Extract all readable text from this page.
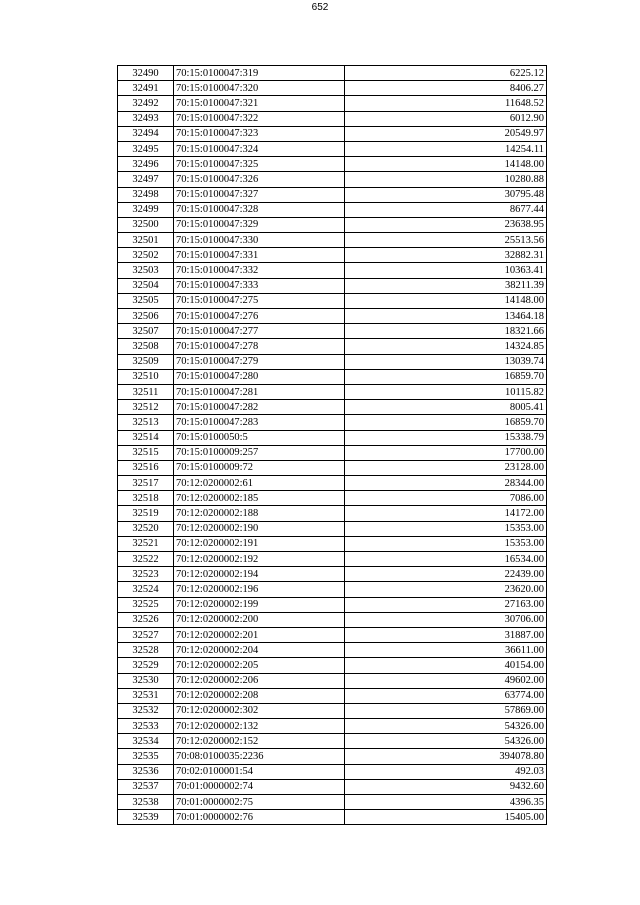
652
32490	70:15:0100047:319	6225.12
32491	70:15:0100047:320	8406.27
32492	70:15:0100047:321	11648.52
32493	70:15:0100047:322	6012.90
32494	70:15:0100047:323	20549.97
32495	70:15:0100047:324	14254.11
32496	70:15:0100047:325	14148.00
32497	70:15:0100047:326	10280.88
32498	70:15:0100047:327	30795.48
32499	70:15:0100047:328	8677.44
32500	70:15:0100047:329	23638.95
32501	70:15:0100047:330	25513.56
32502	70:15:0100047:331	32882.31
32503	70:15:0100047:332	10363.41
32504	70:15:0100047:333	38211.39
32505	70:15:0100047:275	14148.00
32506	70:15:0100047:276	13464.18
32507	70:15:0100047:277	18321.66
32508	70:15:0100047:278	14324.85
32509	70:15:0100047:279	13039.74
32510	70:15:0100047:280	16859.70
32511	70:15:0100047:281	10115.82
32512	70:15:0100047:282	8005.41
32513	70:15:0100047:283	16859.70
32514	70:15:0100050:5	15338.79
32515	70:15:0100009:257	17700.00
32516	70:15:0100009:72	23128.00
32517	70:12:0200002:61	28344.00
32518	70:12:0200002:185	7086.00
32519	70:12:0200002:188	14172.00
32520	70:12:0200002:190	15353.00
32521	70:12:0200002:191	15353.00
32522	70:12:0200002:192	16534.00
32523	70:12:0200002:194	22439.00
32524	70:12:0200002:196	23620.00
32525	70:12:0200002:199	27163.00
32526	70:12:0200002:200	30706.00
32527	70:12:0200002:201	31887.00
32528	70:12:0200002:204	36611.00
32529	70:12:0200002:205	40154.00
32530	70:12:0200002:206	49602.00
32531	70:12:0200002:208	63774.00
32532	70:12:0200002:302	57869.00
32533	70:12:0200002:132	54326.00
32534	70:12:0200002:152	54326.00
32535	70:08:0100035:2236	394078.80
32536	70:02:0100001:54	492.03
32537	70:01:0000002:74	9432.60
32538	70:01:0000002:75	4396.35
32539	70:01:0000002:76	15405.00
